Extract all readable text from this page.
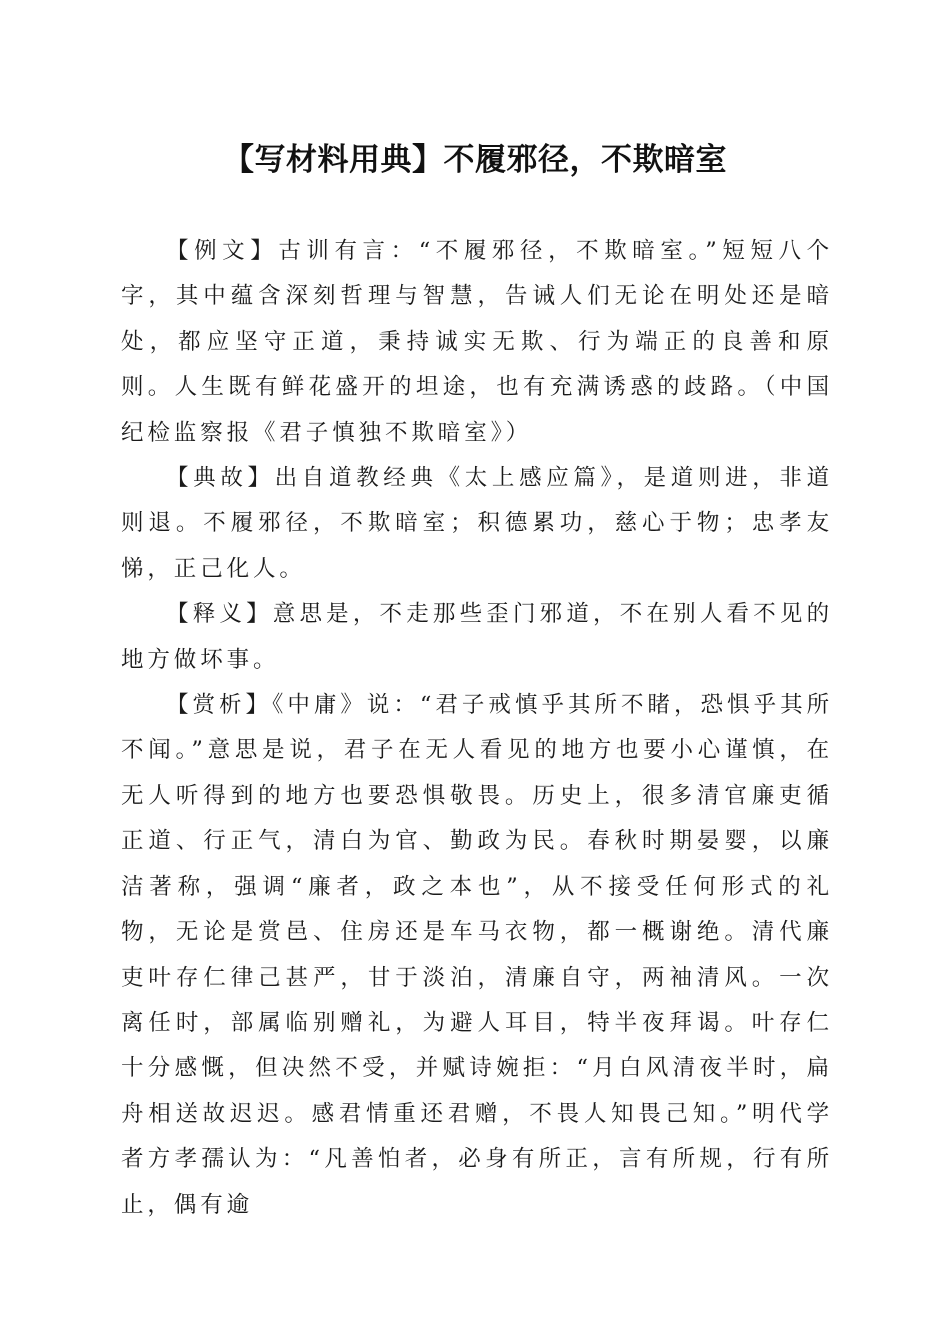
【写材料用典】不履邪径，不欺暗室

【例文】古训有言：“不履邪径，不欺暗室。”短短八个字，其中蕴含深刻哲理与智慧，告诫人们无论在明处还是暗处，都应坚守正道，秉持诚实无欺、行为端正的良善和原则。人生既有鲜花盛开的坦途，也有充满诱惑的歧路。（中国纪检监察报《君子慎独不欺暗室》）

【典故】出自道教经典《太上感应篇》，是道则进，非道则退。不履邪径，不欺暗室；积德累功，慈心于物；忠孝友悌，正己化人。

【释义】意思是，不走那些歪门邪道，不在别人看不见的地方做坏事。

【赏析】《中庸》说：“君子戒慎乎其所不睹，恐惧乎其所不闻。”意思是说，君子在无人看见的地方也要小心谨慎，在无人听得到的地方也要恐惧敬畏。历史上，很多清官廉吏循正道、行正气，清白为官、勤政为民。春秋时期晏婴，以廉洁著称，强调“廉者，政之本也”，从不接受任何形式的礼物，无论是赏邑、住房还是车马衣物，都一概谢绝。清代廉吏叶存仁律己甚严，甘于淡泊，清廉自守，两袖清风。一次离任时，部属临别赠礼，为避人耳目，特半夜拜谒。叶存仁十分感慨，但决然不受，并赋诗婉拒：“月白风清夜半时，扁舟相送故迟迟。感君情重还君赠，不畏人知畏己知。”明代学者方孝孺认为：“凡善怕者，必身有所正，言有所规，行有所止，偶有逾
